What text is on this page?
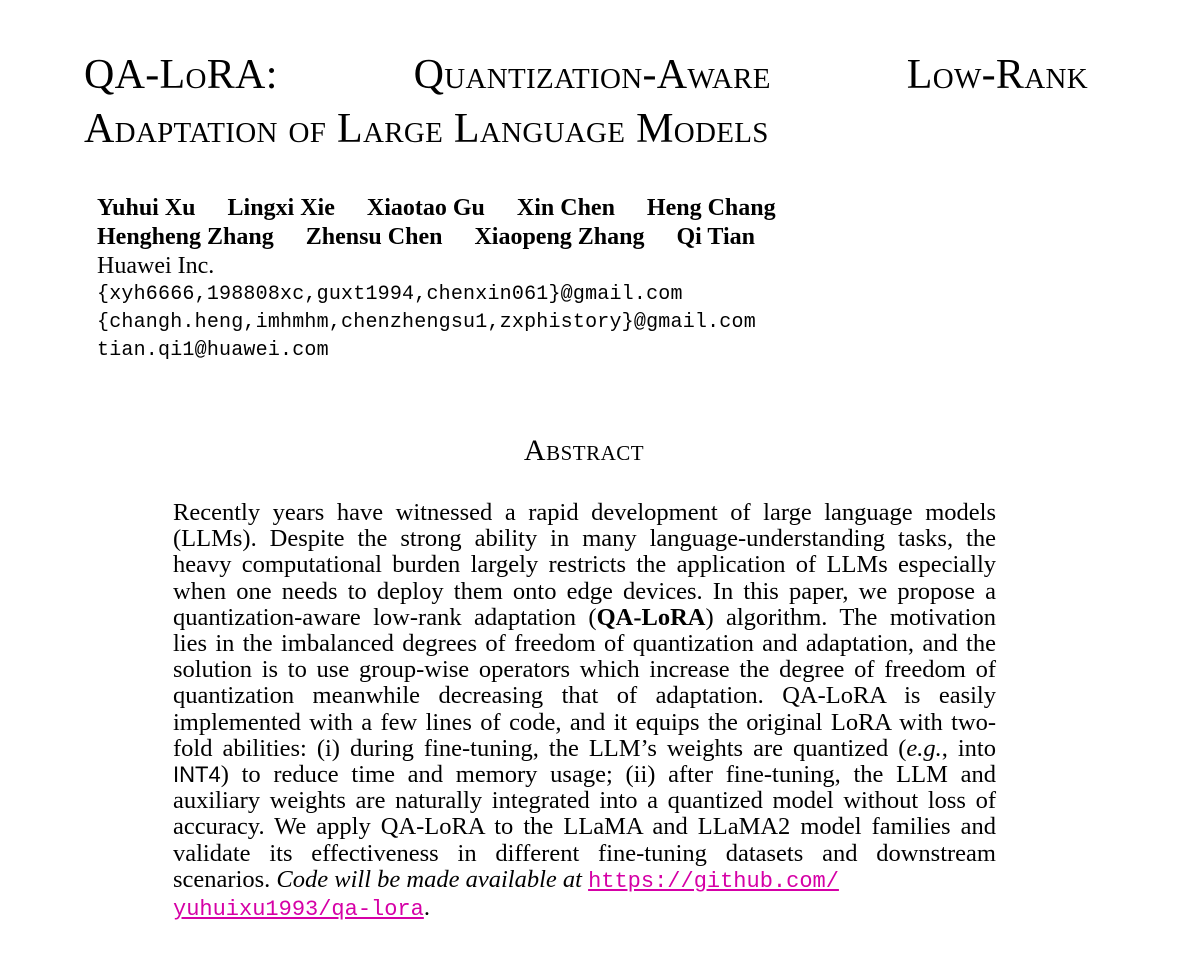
QA-LoRA:	Quantization-Aware	Low-Rank
Adaptation of Large Language Models
Yuhui Xu Lingxi Xie Xiaotao Gu Xin Chen Heng Chang
Hengheng Zhang Zhensu Chen Xiaopeng Zhang Qi Tian
Huawei Inc.
{xyh6666,198808xc,guxt1994,chenxin061}@gmail.com
{changh.heng,imhmhm,chenzhengsu1,zxphistory}@gmail.com
tian.qi1@huawei.com
Abstract

Recently years have witnessed a rapid development of large language models (LLMs). Despite the strong ability in many language-understanding tasks, the heavy computational burden largely restricts the application of LLMs especially when one needs to deploy them onto edge devices. In this paper, we propose a quantization-aware low-rank adaptation (QA-LoRA) algorithm. The motivation lies in the imbalanced degrees of freedom of quantization and adaptation, and the solution is to use group-wise operators which increase the degree of freedom of quantization meanwhile decreasing that of adaptation. QA-LoRA is easily implemented with a few lines of code, and it equips the original LoRA with two-fold abilities: (i) during fine-tuning, the LLM’s weights are quantized (e.g., into INT4) to reduce time and memory usage; (ii) after fine-tuning, the LLM and auxiliary weights are naturally integrated into a quantized model without loss of accuracy. We apply QA-LoRA to the LLaMA and LLaMA2 model families and validate its effectiveness in different fine-tuning datasets and downstream scenarios. Code will be made available at https://github.com/
yuhuixu1993/qa-lora.
